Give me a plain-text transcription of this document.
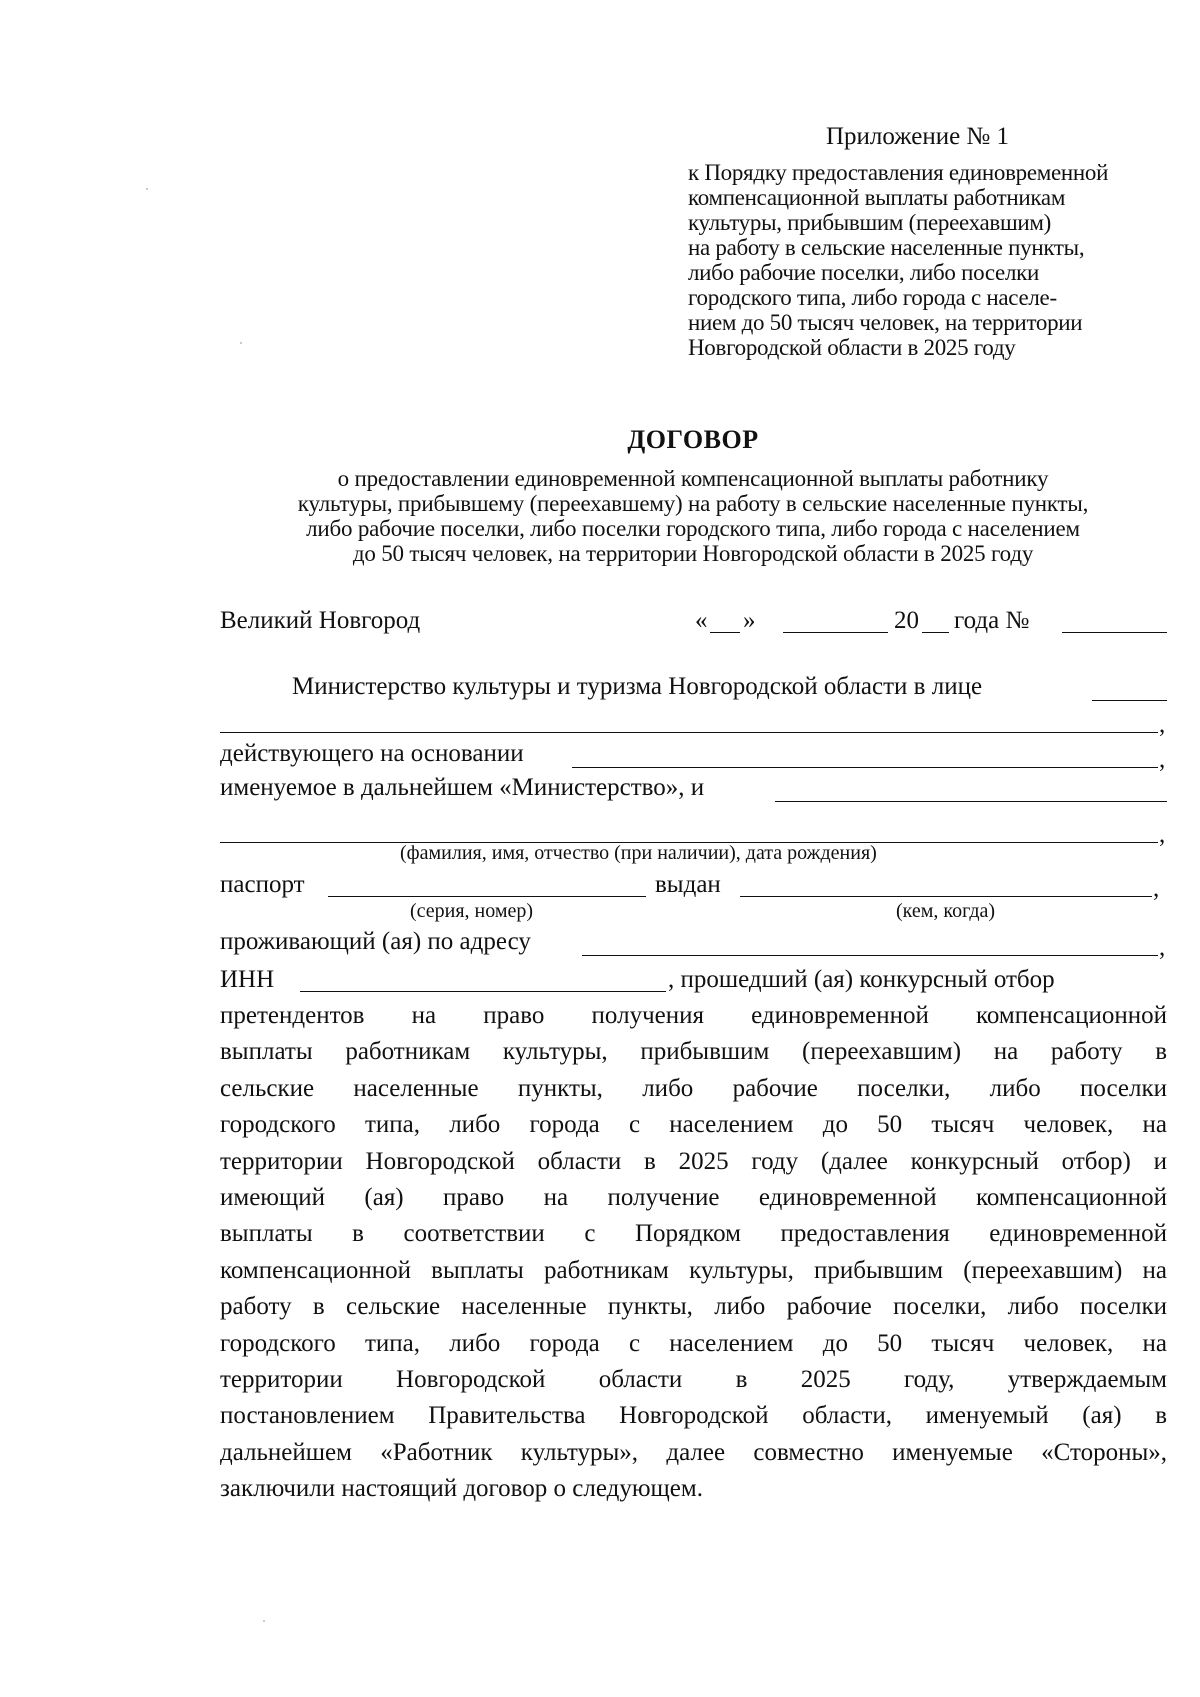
Приложение № 1
к Порядку предоставления единовременной
компенсационной выплаты работникам
культуры, прибывшим (переехавшим)
на работу в сельские населенные пункты,
либо рабочие поселки, либо поселки
городского типа, либо города с населе-
нием до 50 тысяч человек, на территории
Новгородской области в 2025 году
ДОГОВОР
о предоставлении единовременной компенсационной выплаты работнику
культуры, прибывшему (переехавшему) на работу в сельские населенные пункты,
либо рабочие поселки, либо поселки городского типа, либо города с населением
до 50 тысяч человек, на территории Новгородской области в 2025 году
Великий Новгород	« »	20 года №
Министерство культуры и туризма Новгородской области в лице
,
действующего на основании	,
именуемое в дальнейшем «Министерство», и
,
(фамилия, имя, отчество (при наличии), дата рождения)
паспорт	выдан	,
(серия, номер)	(кем, когда)
проживающий (ая) по адресу	,
ИНН	, прошедший (ая) конкурсный отбор
претендентов на право получения единовременной компенсационной
выплаты работникам культуры, прибывшим (переехавшим) на работу в
сельские населенные пункты, либо рабочие поселки, либо поселки
городского типа, либо города с населением до 50 тысяч человек, на
территории Новгородской области в 2025 году (далее конкурсный отбор) и
имеющий (ая) право на получение единовременной компенсационной
выплаты в соответствии с Порядком предоставления единовременной
компенсационной выплаты работникам культуры, прибывшим (переехавшим) на
работу в сельские населенные пункты, либо рабочие поселки, либо поселки
городского типа, либо города с населением до 50 тысяч человек, на
территории Новгородской области в 2025 году, утверждаемым
постановлением Правительства Новгородской области, именуемый (ая) в
дальнейшем «Работник культуры», далее совместно именуемые «Стороны»,
заключили настоящий договор о следующем.
